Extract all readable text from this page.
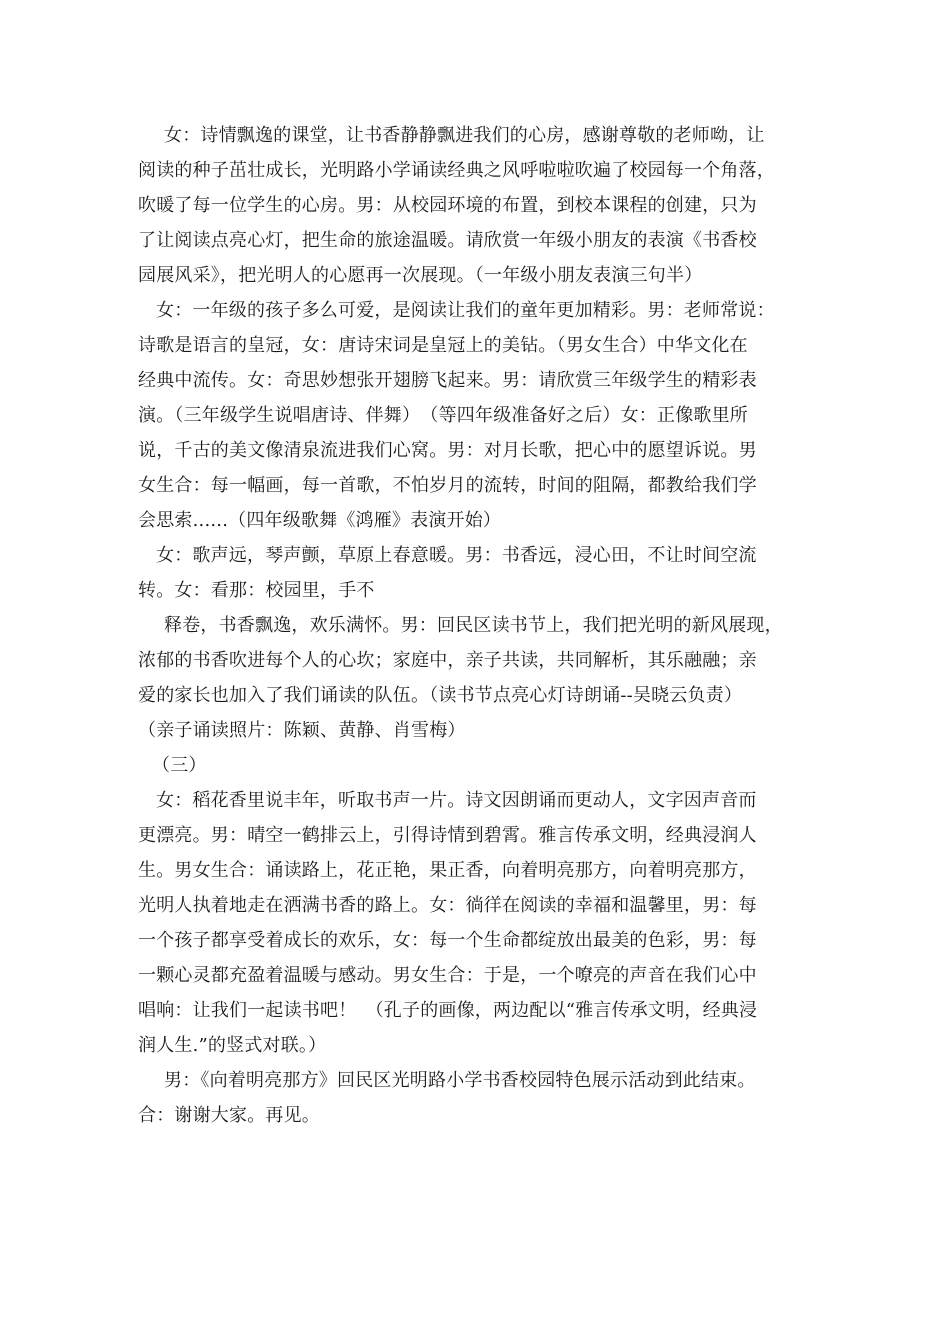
女：诗情飘逸的课堂，让书香静静飘进我们的心房，感谢尊敬的老师呦，让
阅读的种子茁壮成长，光明路小学诵读经典之风呼啦啦吹遍了校园每一个角落，
吹暖了每一位学生的心房。男：从校园环境的布置，到校本课程的创建，只为
了让阅读点亮心灯，把生命的旅途温暖。请欣赏一年级小朋友的表演《书香校
园展风采》，把光明人的心愿再一次展现。（一年级小朋友表演三句半）
女：一年级的孩子多么可爱，是阅读让我们的童年更加精彩。男：老师常说：
诗歌是语言的皇冠，女：唐诗宋词是皇冠上的美钻。（男女生合）中华文化在
经典中流传。女：奇思妙想张开翅膀飞起来。男：请欣赏三年级学生的精彩表
演。（三年级学生说唱唐诗、伴舞）　（等四年级准备好之后）女：正像歌里所
说，千古的美文像清泉流进我们心窝。男：对月长歌，把心中的愿望诉说。男
女生合：每一幅画，每一首歌，不怕岁月的流转，时间的阻隔，都教给我们学
会思索......（四年级歌舞《鸿雁》表演开始）
女：歌声远，琴声颤，草原上春意暖。男：书香远，浸心田，不让时间空流
转。女：看那：校园里，手不
释卷，书香飘逸，欢乐满怀。男：回民区读书节上，我们把光明的新风展现，
浓郁的书香吹进每个人的心坎；家庭中，亲子共读，共同解析，其乐融融；亲
爱的家长也加入了我们诵读的队伍。（读书节点亮心灯诗朗诵--吴晓云负责）
（亲子诵读照片：陈颖、黄静、肖雪梅）
（三）
女：稻花香里说丰年，听取书声一片。诗文因朗诵而更动人，文字因声音而
更漂亮。男：晴空一鹤排云上，引得诗情到碧霄。雅言传承文明，经典浸润人
生。男女生合：诵读路上，花正艳，果正香，向着明亮那方，向着明亮那方，
光明人执着地走在洒满书香的路上。女：徜徉在阅读的幸福和温馨里，男：每
一个孩子都享受着成长的欢乐，女：每一个生命都绽放出最美的色彩，男：每
一颗心灵都充盈着温暖与感动。男女生合：于是，一个嘹亮的声音在我们心中
唱响：让我们一起读书吧！　（孔子的画像，两边配以“雅言传承文明，经典浸
润人生.”的竖式对联。）
男：《向着明亮那方》回民区光明路小学书香校园特色展示活动到此结束。
合：谢谢大家。再见。
